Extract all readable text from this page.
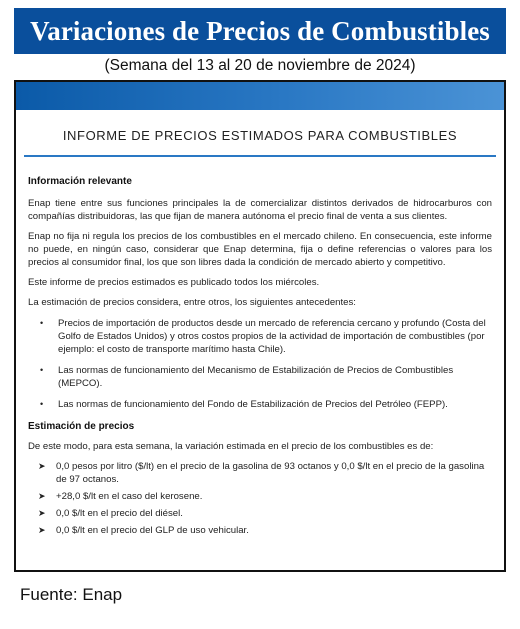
Variaciones de Precios de Combustibles
(Semana del 13 al 20 de noviembre de 2024)
INFORME DE PRECIOS ESTIMADOS PARA COMBUSTIBLES
Información relevante

Enap tiene entre sus funciones principales la de comercializar distintos derivados de hidrocarburos con compañías distribuidoras, las que fijan de manera autónoma el precio final de venta a sus clientes.

Enap no fija ni regula los precios de los combustibles en el mercado chileno. En consecuencia, este informe no puede, en ningún caso, considerar que Enap determina, fija o define referencias o valores para los precios al consumidor final, los que son libres dada la condición de mercado abierto y competitivo.

Este informe de precios estimados es publicado todos los miércoles.

La estimación de precios considera, entre otros, los siguientes antecedentes:

• Precios de importación de productos desde un mercado de referencia cercano y profundo (Costa del Golfo de Estados Unidos) y otros costos propios de la actividad de importación de combustibles (por ejemplo: el costo de transporte marítimo hasta Chile).
• Las normas de funcionamiento del Mecanismo de Estabilización de Precios de Combustibles (MEPCO).
• Las normas de funcionamiento del Fondo de Estabilización de Precios del Petróleo (FEPP).
Estimación de precios

De este modo, para esta semana, la variación estimada en el precio de los combustibles es de:

➤ 0,0 pesos por litro ($/lt) en el precio de la gasolina de 93 octanos y 0,0 $/lt en el precio de la gasolina de 97 octanos.
➤ +28,0 $/lt en el caso del kerosene.
➤ 0,0 $/lt en el precio del diésel.
➤ 0,0 $/lt en el precio del GLP de uso vehicular.
Fuente: Enap
